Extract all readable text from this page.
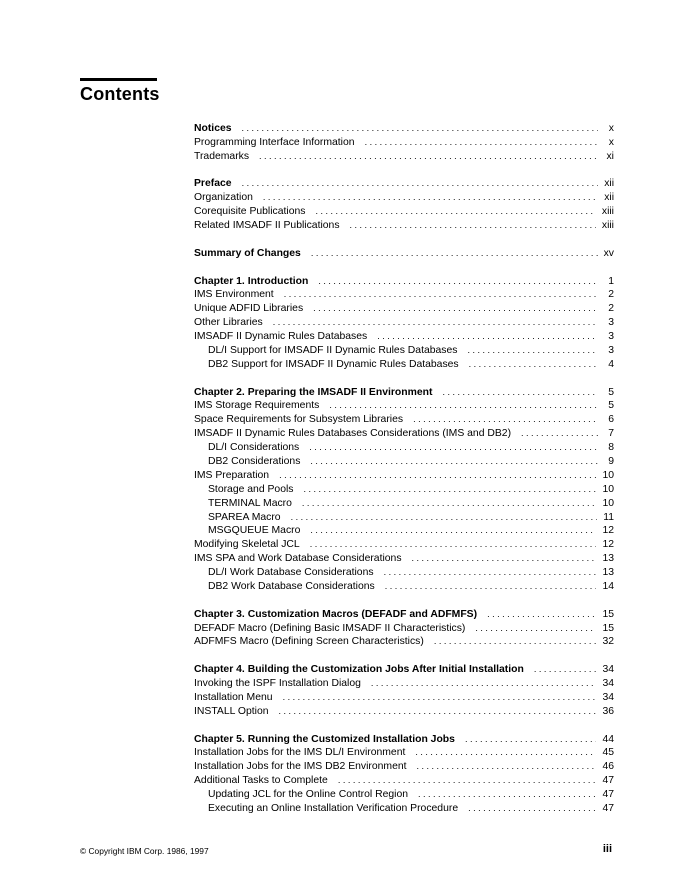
Contents
Notices . . .	x
Programming Interface Information . . .	x
Trademarks . . .	xi
Preface . . .	xii
Organization . . .	xii
Corequisite Publications . . .	xiii
Related IMSADF II Publications . . .	xiii
Summary of Changes . . .	xv
Chapter 1. Introduction . . .	1
IMS Environment . . .	2
Unique ADFID Libraries . . .	2
Other Libraries . . .	3
IMSADF II Dynamic Rules Databases . . .	3
DL/I Support for IMSADF II Dynamic Rules Databases . . .	3
DB2 Support for IMSADF II Dynamic Rules Databases . . .	4
Chapter 2. Preparing the IMSADF II Environment . . .	5
IMS Storage Requirements . . .	5
Space Requirements for Subsystem Libraries . . .	6
IMSADF II Dynamic Rules Databases Considerations (IMS and DB2) . . .	7
DL/I Considerations . . .	8
DB2 Considerations . . .	9
IMS Preparation . . .	10
Storage and Pools . . .	10
TERMINAL Macro . . .	10
SPAREA Macro . . .	11
MSGQUEUE Macro . . .	12
Modifying Skeletal JCL . . .	12
IMS SPA and Work Database Considerations . . .	13
DL/I Work Database Considerations . . .	13
DB2 Work Database Considerations . . .	14
Chapter 3. Customization Macros (DEFADF and ADFMFS) . . .	15
DEFADF Macro (Defining Basic IMSADF II Characteristics) . . .	15
ADFMFS Macro (Defining Screen Characteristics) . . .	32
Chapter 4. Building the Customization Jobs After Initial Installation . . .	34
Invoking the ISPF Installation Dialog . . .	34
Installation Menu . . .	34
INSTALL Option . . .	36
Chapter 5. Running the Customized Installation Jobs . . .	44
Installation Jobs for the IMS DL/I Environment . . .	45
Installation Jobs for the IMS DB2 Environment . . .	46
Additional Tasks to Complete . . .	47
Updating JCL for the Online Control Region . . .	47
Executing an Online Installation Verification Procedure . . .	47
© Copyright IBM Corp. 1986, 1997	iii
